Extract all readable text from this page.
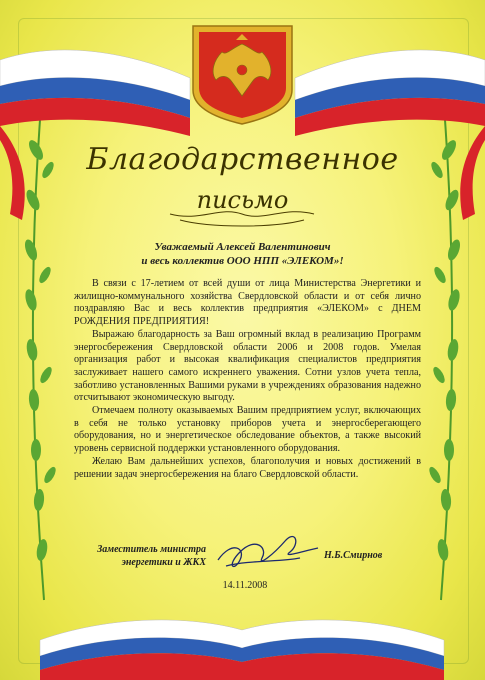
Благодарственное
письмо
Уважаемый Алексей Валентинович
и весь коллектив ООО НПП «ЭЛЕКОМ»!

В связи с 17-летием от всей души от лица Министерства Энергетики и жилищно-коммунального хозяйства Свердловской области и от себя лично поздравляю Вас и весь коллектив предприятия «ЭЛЕКОМ» с ДНЕМ РОЖДЕНИЯ ПРЕДПРИЯТИЯ!

Выражаю благодарность за Ваш огромный вклад в реализацию Программ энергосбережения Свердловской области 2006 и 2008 годов. Умелая организация работ и высокая квалификация специалистов предприятия заслуживает нашего самого искреннего уважения. Сотни узлов учета тепла, заботливо установленных Вашими руками в учреждениях образования надежно отсчитывают экономическую выгоду.

Отмечаем полноту оказываемых Вашим предприятием услуг, включающих в себя не только установку приборов учета и энергосберегающего оборудования, но и энергетическое обследование объектов, а также высокий уровень сервисной поддержки установленного оборудования.

Желаю Вам дальнейших успехов, благополучия и новых достижений в решении задач энергосбережения на благо Свердловской области.

Заместитель министра
энергетики и ЖКХ
Н.Б.Смирнов
14.11.2008
